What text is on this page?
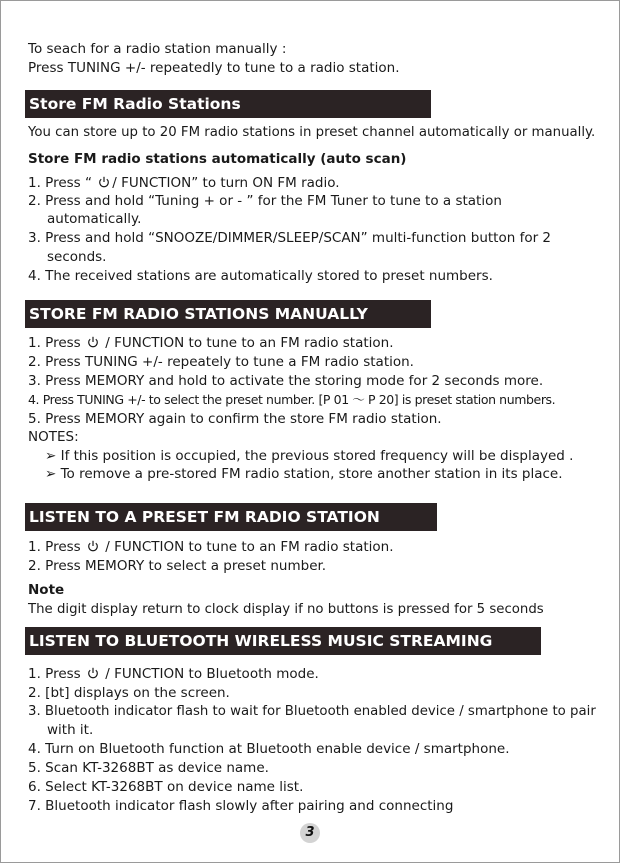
To seach for a radio station manually :
Press TUNING +/- repeatedly to tune to a radio station.
Store FM Radio Stations
You can store up to 20 FM radio stations in preset channel automatically or manually.
Store FM radio stations automatically (auto scan)
1. Press “ / FUNCTION” to turn ON FM radio.
2. Press and hold “Tuning + or - ” for the FM Tuner to tune to a station
automatically.
3. Press and hold “SNOOZE/DIMMER/SLEEP/SCAN” multi-function button for 2
seconds.
4. The received stations are automatically stored to preset numbers.
STORE FM RADIO STATIONS MANUALLY
1. Press  / FUNCTION to tune to an FM radio station.
2. Press TUNING +/- repeately to tune a FM radio station.
3. Press MEMORY and hold to activate the storing mode for 2 seconds more.
4. Press TUNING +/- to select the preset number. [P 01 ～ P 20] is preset station numbers.
5. Press MEMORY again to confirm the store FM radio station.
NOTES:
➢ If this position is occupied, the previous stored frequency will be displayed .
➢ To remove a pre-stored FM radio station, store another station in its place.
LISTEN TO A PRESET FM RADIO STATION
1. Press  / FUNCTION to tune to an FM radio station.
2. Press MEMORY to select a preset number.
Note
The digit display return to clock display if no buttons is pressed for 5 seconds
LISTEN TO BLUETOOTH WIRELESS MUSIC STREAMING
1. Press  / FUNCTION to Bluetooth mode.
2. [bt] displays on the screen.
3. Bluetooth indicator flash to wait for Bluetooth enabled device / smartphone to pair
with it.
4. Turn on Bluetooth function at Bluetooth enable device / smartphone.
5. Scan KT-3268BT as device name.
6. Select KT-3268BT on device name list.
7. Bluetooth indicator flash slowly after pairing and connecting
3
